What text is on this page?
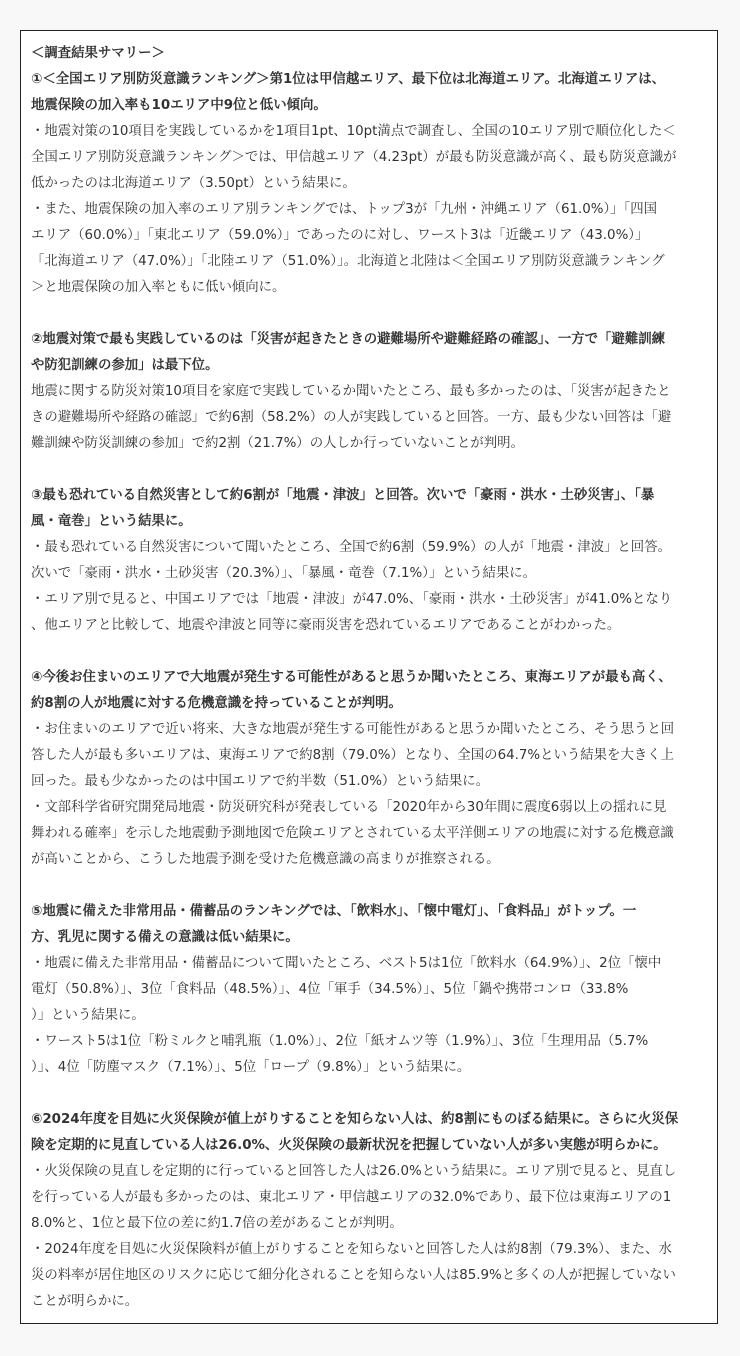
＜調査結果サマリー＞

①＜全国エリア別防災意識ランキング＞第1位は甲信越エリア、最下位は北海道エリア。北海道エリアは、
地震保険の加入率も10エリア中9位と低い傾向。

・地震対策の10項目を実践しているかを1項目1pt、10pt満点で調査し、全国の10エリア別で順位化した＜
全国エリア別防災意識ランキング＞では、甲信越エリア（4.23pt）が最も防災意識が高く、最も防災意識が
低かったのは北海道エリア（3.50pt）という結果に。

・また、地震保険の加入率のエリア別ランキングでは、トップ3が「九州・沖縄エリア（61.0%）」「四国
エリア（60.0%）」「東北エリア（59.0%）」であったのに対し、ワースト3は「近畿エリア（43.0%）」
「北海道エリア（47.0%）」「北陸エリア（51.0%）」。北海道と北陸は＜全国エリア別防災意識ランキング
＞と地震保険の加入率ともに低い傾向に。

②地震対策で最も実践しているのは「災害が起きたときの避難場所や避難経路の確認」、一方で「避難訓練
や防犯訓練の参加」は最下位。

地震に関する防災対策10項目を家庭で実践しているか聞いたところ、最も多かったのは、「災害が起きたと
きの避難場所や経路の確認」で約6割（58.2%）の人が実践していると回答。一方、最も少ない回答は「避
難訓練や防災訓練の参加」で約2割（21.7%）の人しか行っていないことが判明。

③最も恐れている自然災害として約6割が「地震・津波」と回答。次いで「豪雨・洪水・土砂災害」、「暴
風・竜巻」という結果に。

・最も恐れている自然災害について聞いたところ、全国で約6割（59.9%）の人が「地震・津波」と回答。
次いで「豪雨・洪水・土砂災害（20.3%）」、「暴風・竜巻（7.1%）」という結果に。

・エリア別で見ると、中国エリアでは「地震・津波」が47.0%、「豪雨・洪水・土砂災害」が41.0%となり
、他エリアと比較して、地震や津波と同等に豪雨災害を恐れているエリアであることがわかった。

④今後お住まいのエリアで大地震が発生する可能性があると思うか聞いたところ、東海エリアが最も高く、
約8割の人が地震に対する危機意識を持っていることが判明。

・お住まいのエリアで近い将来、大きな地震が発生する可能性があると思うか聞いたところ、そう思うと回
答した人が最も多いエリアは、東海エリアで約8割（79.0%）となり、全国の64.7%という結果を大きく上
回った。最も少なかったのは中国エリアで約半数（51.0%）という結果に。

・文部科学省研究開発局地震・防災研究科が発表している「2020年から30年間に震度6弱以上の揺れに見
舞われる確率」を示した地震動予測地図で危険エリアとされている太平洋側エリアの地震に対する危機意識
が高いことから、こうした地震予測を受けた危機意識の高まりが推察される。

⑤地震に備えた非常用品・備蓄品のランキングでは、「飲料水」、「懐中電灯」、「食料品」がトップ。一
方、乳児に関する備えの意識は低い結果に。

・地震に備えた非常用品・備蓄品について聞いたところ、ベスト5は1位「飲料水（64.9%）」、2位「懐中
電灯（50.8%）」、3位「食料品（48.5%）」、4位「軍手（34.5%）」、5位「鍋や携帯コンロ（33.8%
）」という結果に。

・ワースト5は1位「粉ミルクと哺乳瓶（1.0%）」、2位「紙オムツ等（1.9%）」、3位「生理用品（5.7%
）」、4位「防塵マスク（7.1%）」、5位「ロープ（9.8%）」という結果に。

⑥2024年度を目処に火災保険が値上がりすることを知らない人は、約8割にものぼる結果に。さらに火災保
険を定期的に見直している人は26.0%、火災保険の最新状況を把握していない人が多い実態が明らかに。

・火災保険の見直しを定期的に行っていると回答した人は26.0%という結果に。エリア別で見ると、見直し
を行っている人が最も多かったのは、東北エリア・甲信越エリアの32.0%であり、最下位は東海エリアの1
8.0%と、1位と最下位の差に約1.7倍の差があることが判明。

・2024年度を目処に火災保険料が値上がりすることを知らないと回答した人は約8割（79.3%）、また、水
災の料率が居住地区のリスクに応じて細分化されることを知らない人は85.9%と多くの人が把握していない
ことが明らかに。
